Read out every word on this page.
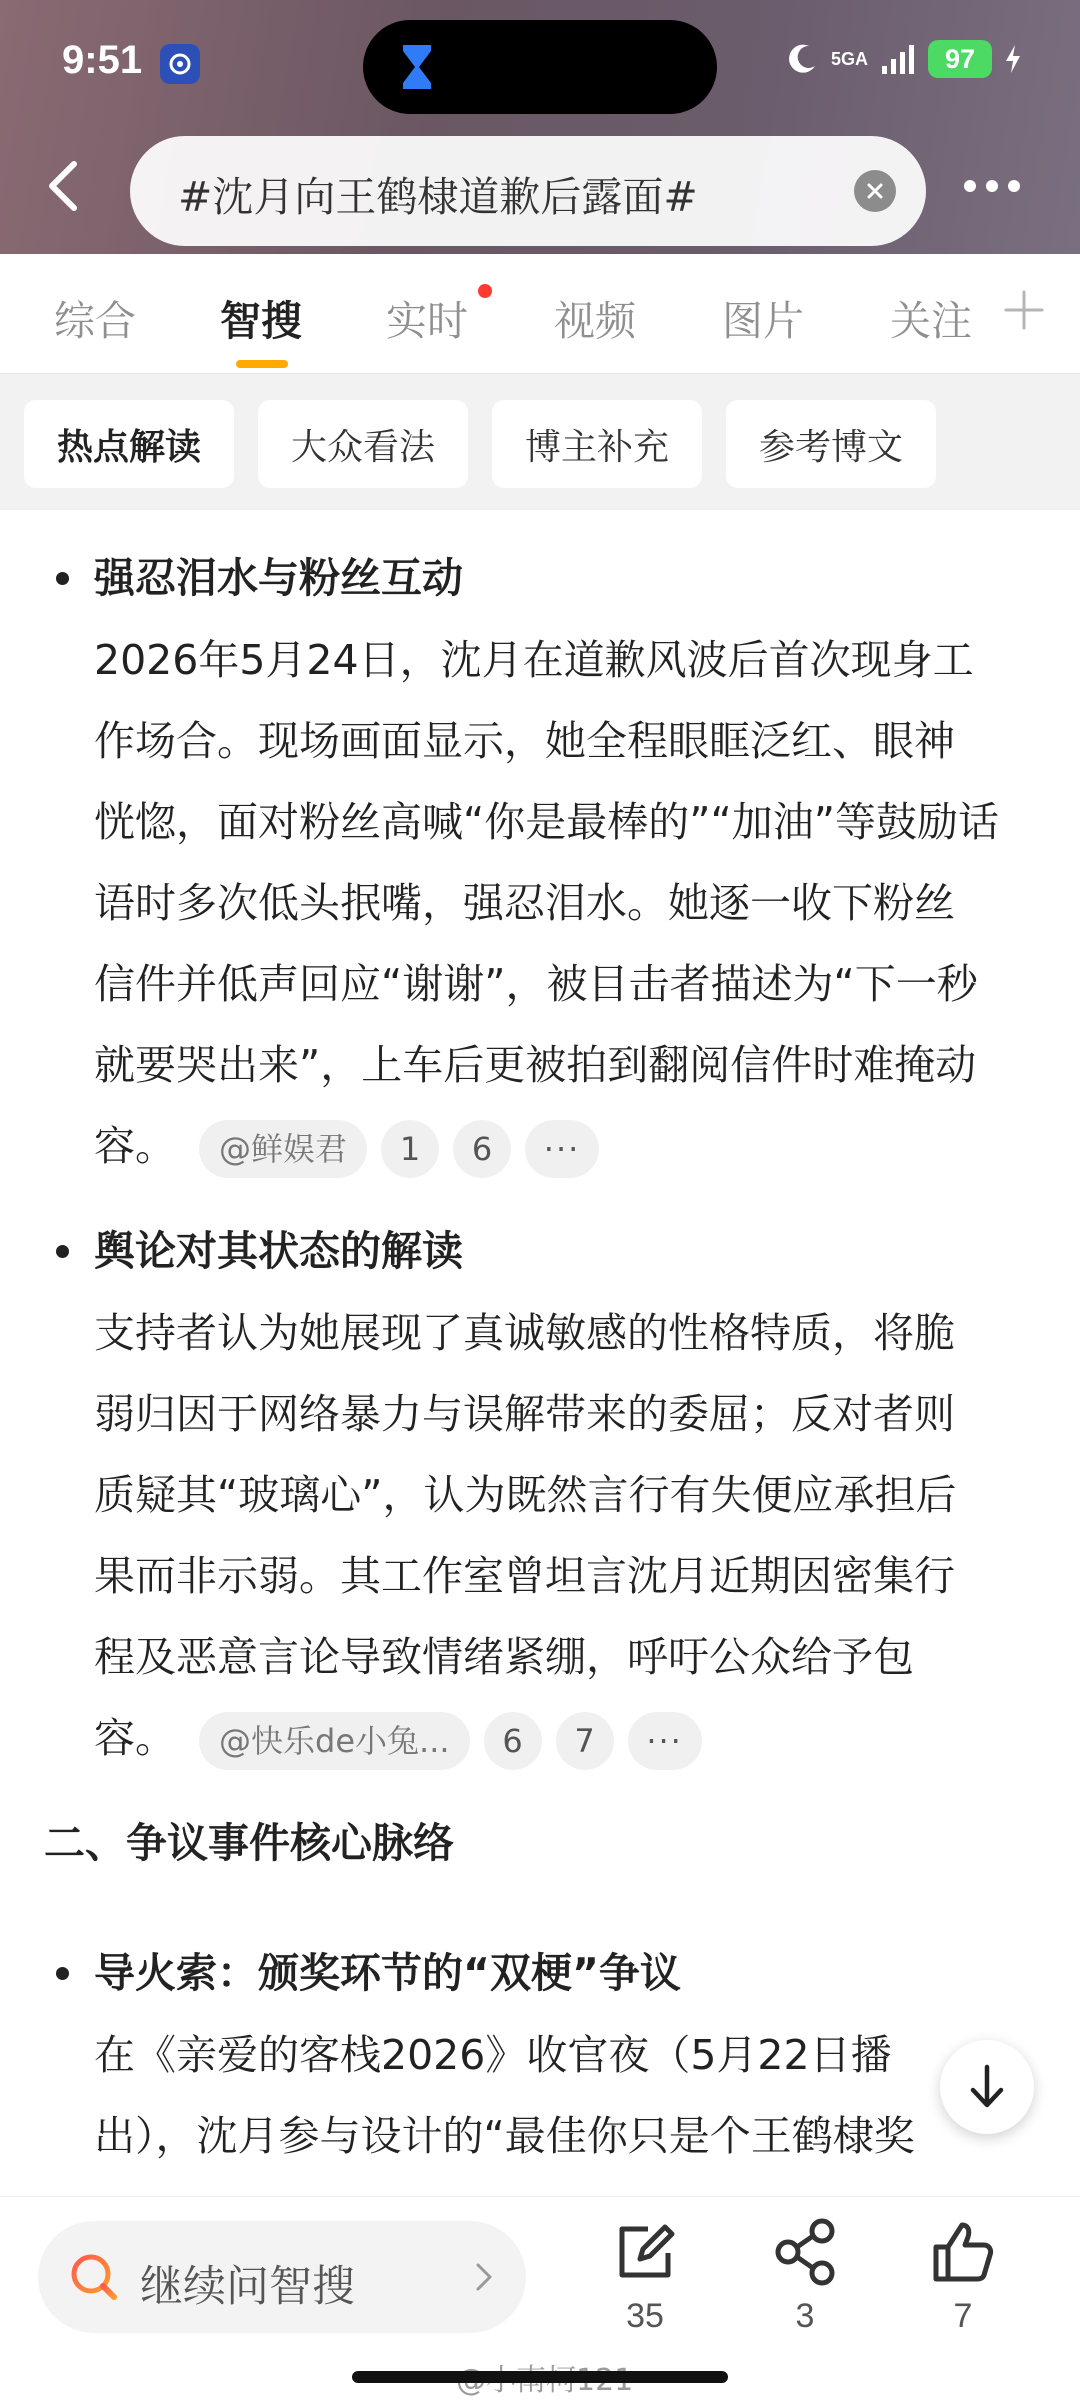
9:51	5GA	97
#沈月向王鹤棣道歉后露面#
综合 智搜 实时 视频 图片 关注
热点解读	大众看法	博主补充	参考博文
强忍泪水与粉丝互动
2026年5月24日，沈月在道歉风波后首次现身工
作场合。现场画面显示，她全程眼眶泛红、眼神
恍惚，面对粉丝高喊“你是最棒的”“加油”等鼓励话
语时多次低头抿嘴，强忍泪水。她逐一收下粉丝
信件并低声回应“谢谢”，被目击者描述为“下一秒
就要哭出来”，上车后更被拍到翻阅信件时难掩动
容。	@鲜娱君	1	6	···
舆论对其状态的解读
支持者认为她展现了真诚敏感的性格特质，将脆
弱归因于网络暴力与误解带来的委屈；反对者则
质疑其“玻璃心”，认为既然言行有失便应承担后
果而非示弱。其工作室曾坦言沈月近期因密集行
程及恶意言论导致情绪紧绷，呼吁公众给予包
容。	@快乐de小兔...	6	7	···
二、争议事件核心脉络
导火索：颁奖环节的“双梗”争议
在《亲爱的客栈2026》收官夜（5月22日播
出），沈月参与设计的“最佳你只是个王鹤棣奖
继续问智搜
35	3	7
